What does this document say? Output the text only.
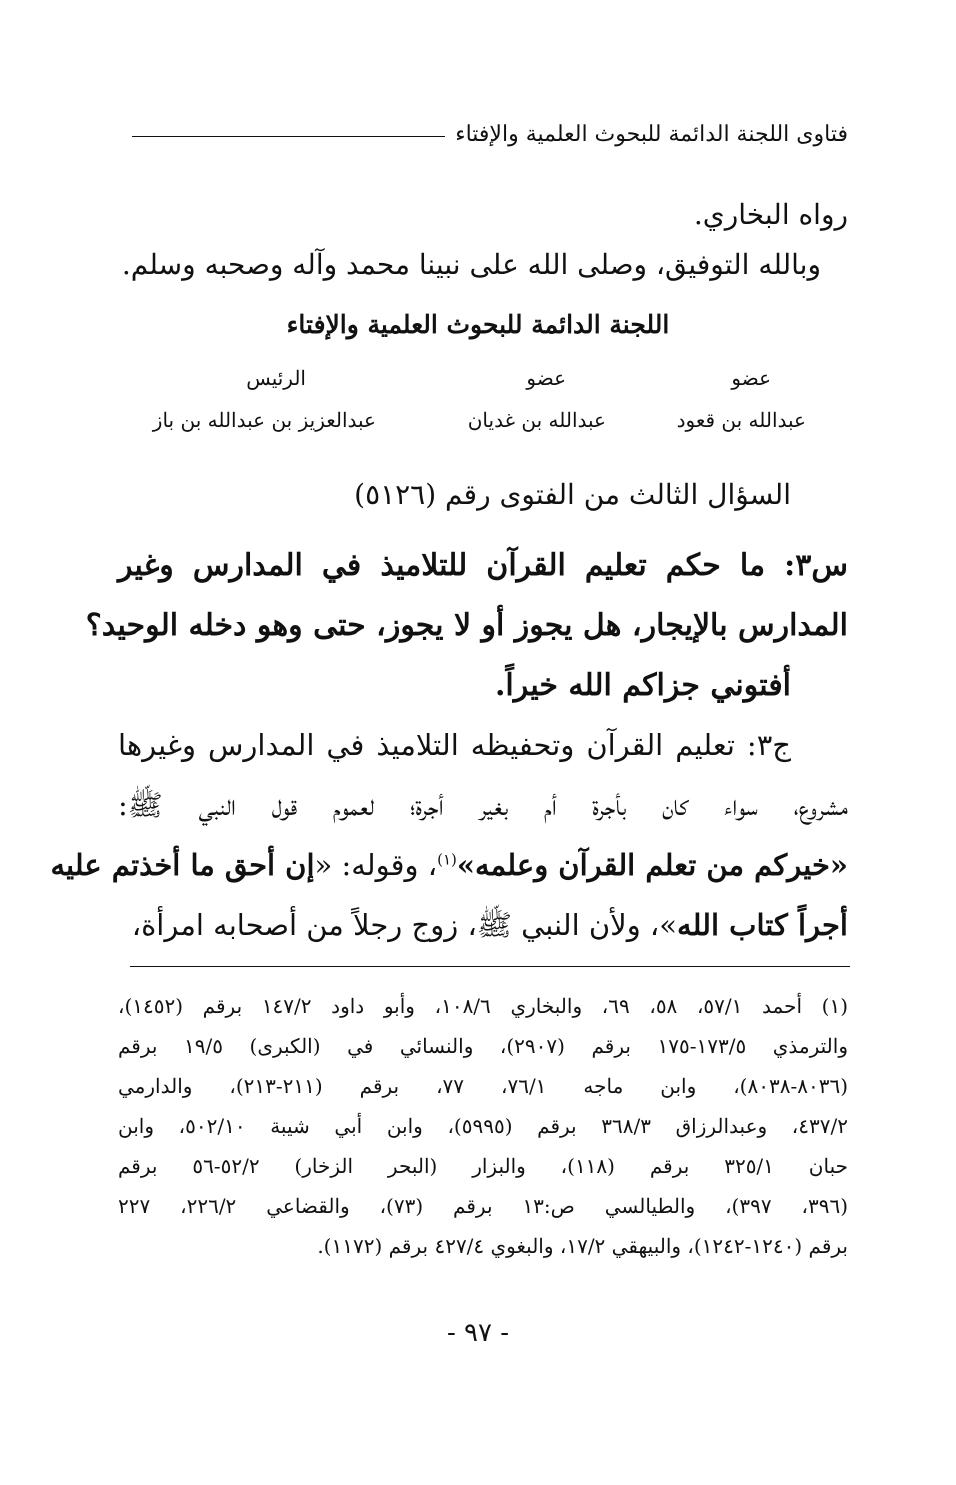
فتاوى اللجنة الدائمة للبحوث العلمية والإفتاء
رواه البخاري.
وبالله التوفيق، وصلى الله على نبينا محمد وآله وصحبه وسلم.
اللجنة الدائمة للبحوث العلمية والإفتاء
عضو
عضو
الرئيس
عبدالله بن قعود
عبدالله بن غديان
عبدالعزيز بن عبدالله بن باز
السؤال الثالث من الفتوى رقم (٥١٢٦)
س٣: ما حكم تعليم القرآن للتلاميذ في المدارس وغير
المدارس بالإيجار، هل يجوز أو لا يجوز، حتى وهو دخله الوحيد؟
أفتوني جزاكم الله خيراً.
ج٣: تعليم القرآن وتحفيظه التلاميذ في المدارس وغيرها
مشروع، سواء كان بأجرة أم بغير أجرة؛ لعموم قول النبي ﷺ:
«خيركم من تعلم القرآن وعلمه»$^{(١)}$، وقوله: «إن أحق ما أخذتم عليه
أجراً كتاب الله»، ولأن النبي ﷺ، زوج رجلاً من أصحابه امرأة،
(١) أحمد ٥٧/١، ٥٨، ٦٩، والبخاري ١٠٨/٦، وأبو داود ١٤٧/٢ برقم (١٤٥٢)،
والترمذي ١٧٣/٥-١٧٥ برقم (٢٩٠٧)، والنسائي في (الكبرى) ١٩/٥ برقم
(٨٠٣٦-٨٠٣٨)، وابن ماجه ٧٦/١، ٧٧، برقم (٢١١-٢١٣)، والدارمي
٤٣٧/٢، وعبدالرزاق ٣٦٨/٣ برقم (٥٩٩٥)، وابن أبي شيبة ٥٠٢/١٠، وابن
حبان ٣٢٥/١ برقم (١١٨)، والبزار (البحر الزخار) ٥٢/٢-٥٦ برقم
(٣٩٦، ٣٩٧)، والطيالسي ص:١٣ برقم (٧٣)، والقضاعي ٢٢٦/٢، ٢٢٧
برقم (١٢٤٠-١٢٤٢)، والبيهقي ١٧/٢، والبغوي ٤٢٧/٤ برقم (١١٧٢).
- ٩٧ -
